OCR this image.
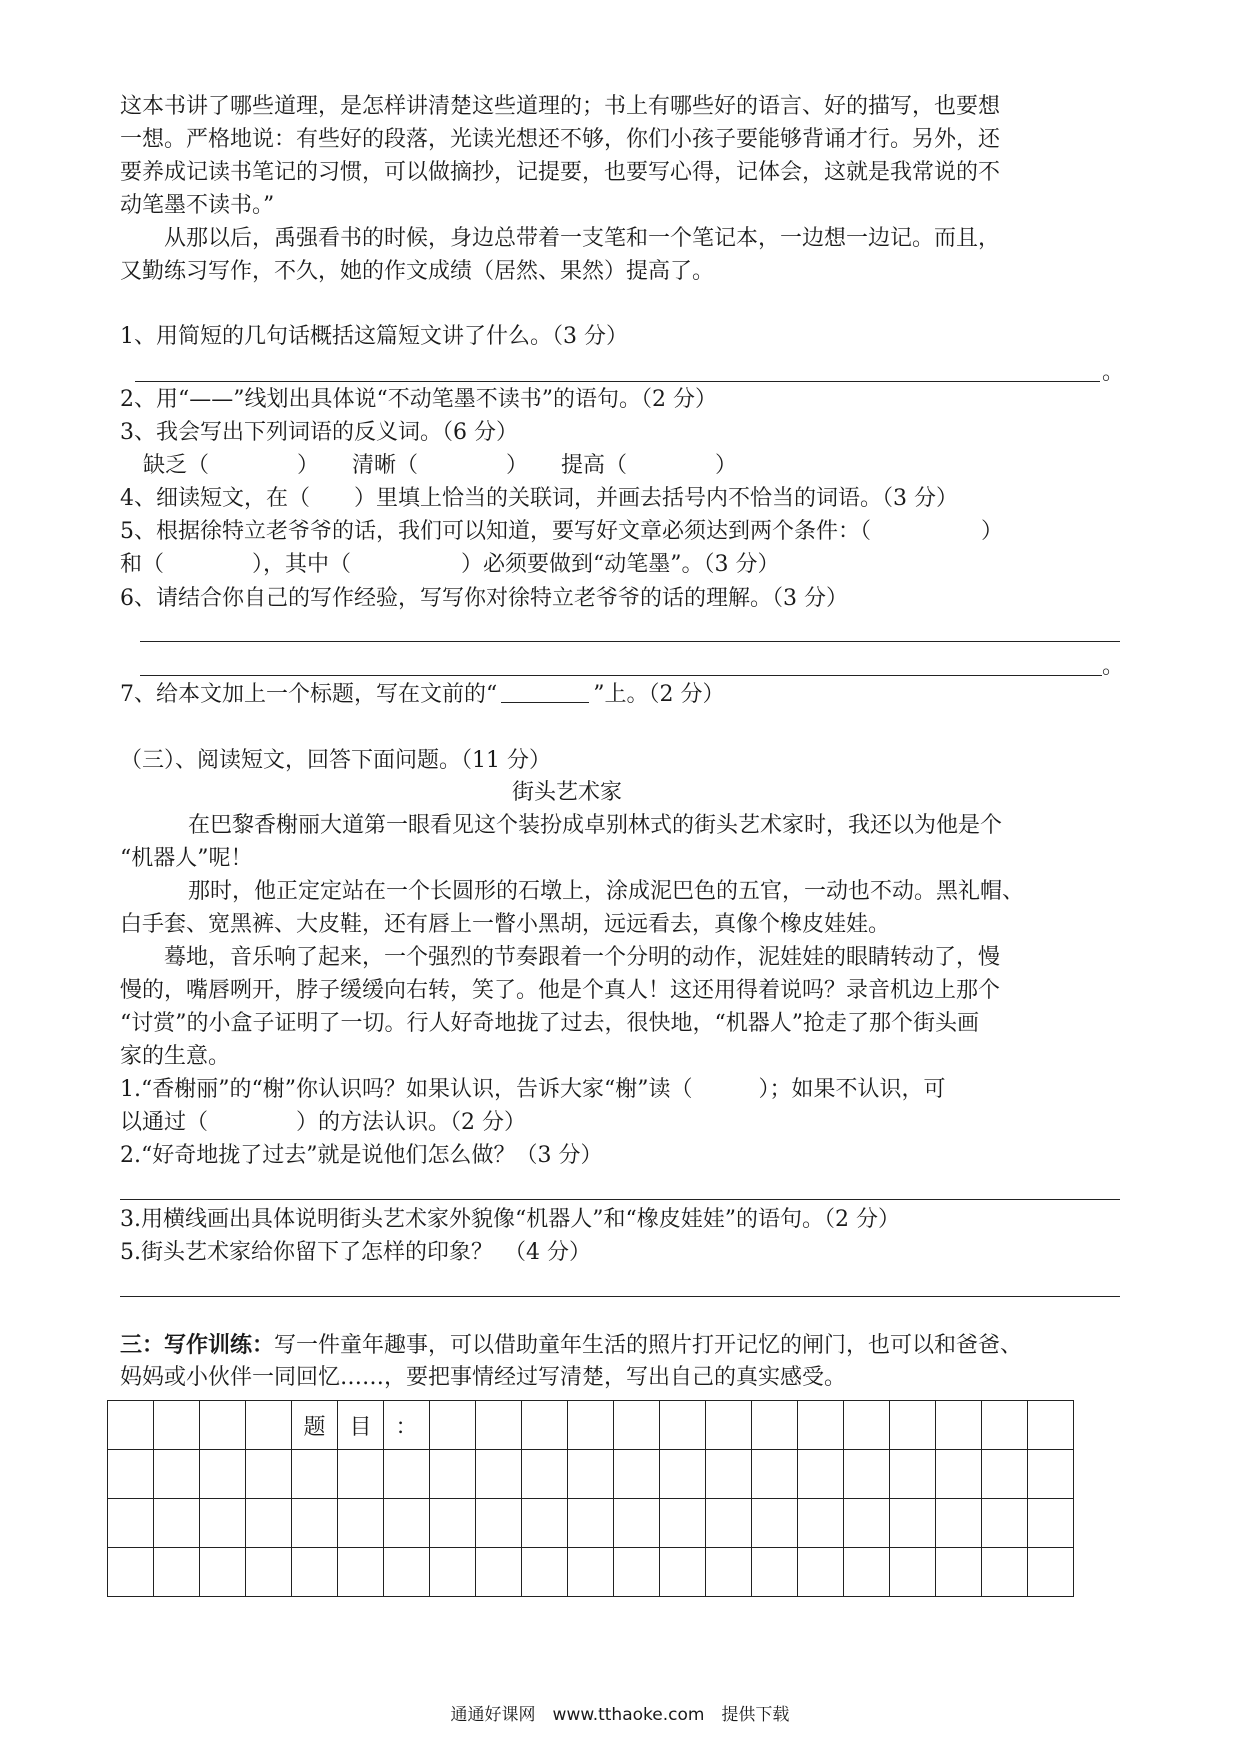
这本书讲了哪些道理，是怎样讲清楚这些道理的；书上有哪些好的语言、好的描写，也要想
一想。严格地说：有些好的段落，光读光想还不够，你们小孩子要能够背诵才行。另外，还
要养成记读书笔记的习惯，可以做摘抄，记提要，也要写心得，记体会，这就是我常说的不
动笔墨不读书。”
　　从那以后，禹强看书的时候，身边总带着一支笔和一个笔记本，一边想一边记。而且，
又勤练习写作，不久，她的作文成绩（居然、果然）提高了。
1、用简短的几句话概括这篇短文讲了什么。（3 分）
。
2、用“——”线划出具体说“不动笔墨不读书”的语句。（2 分）
3、我会写出下列词语的反义词。（6 分）
缺乏（　　　　）　　清晰（　　　　）　　提高（　　　　）
4、细读短文，在（　　）里填上恰当的关联词，并画去括号内不恰当的词语。（3 分）
5、根据徐特立老爷爷的话，我们可以知道，要写好文章必须达到两个条件：（　　　　　）
和（　　　　），其中（　　　　　）必须要做到“动笔墨”。（3 分）
6、请结合你自己的写作经验，写写你对徐特立老爷爷的话的理解。（3 分）
。
7、给本文加上一个标题，写在文前的“	”上。（2 分）
（三）、阅读短文，回答下面问题。（11 分）
街头艺术家
　　在巴黎香榭丽大道第一眼看见这个装扮成卓别林式的街头艺术家时，我还以为他是个
“机器人”呢！
　　那时，他正定定站在一个长圆形的石墩上，涂成泥巴色的五官，一动也不动。黑礼帽、
白手套、宽黑裤、大皮鞋，还有唇上一瞥小黑胡，远远看去，真像个橡皮娃娃。
　　蓦地，音乐响了起来，一个强烈的节奏跟着一个分明的动作，泥娃娃的眼睛转动了，慢
慢的，嘴唇咧开，脖子缓缓向右转，笑了。他是个真人！这还用得着说吗？录音机边上那个
“讨赏”的小盒子证明了一切。行人好奇地拢了过去，很快地，“机器人”抢走了那个街头画
家的生意。
1.“香榭丽”的“榭”你认识吗？如果认识，告诉大家“榭”读（　　　）；如果不认识，可
以通过（　　　　）的方法认识。（2 分）
2.“好奇地拢了过去”就是说他们怎么做？（3 分）
3.用横线画出具体说明街头艺术家外貌像“机器人”和“橡皮娃娃”的语句。（2 分）
5.街头艺术家给你留下了怎样的印象？　（4 分）
三：写作训练：写一件童年趣事，可以借助童年生活的照片打开记忆的闸门，也可以和爸爸、
妈妈或小伙伴一同回忆……，要把事情经过写清楚，写出自己的真实感受。
				题	目	：														

通通好课网　www.tthaoke.com　提供下载
